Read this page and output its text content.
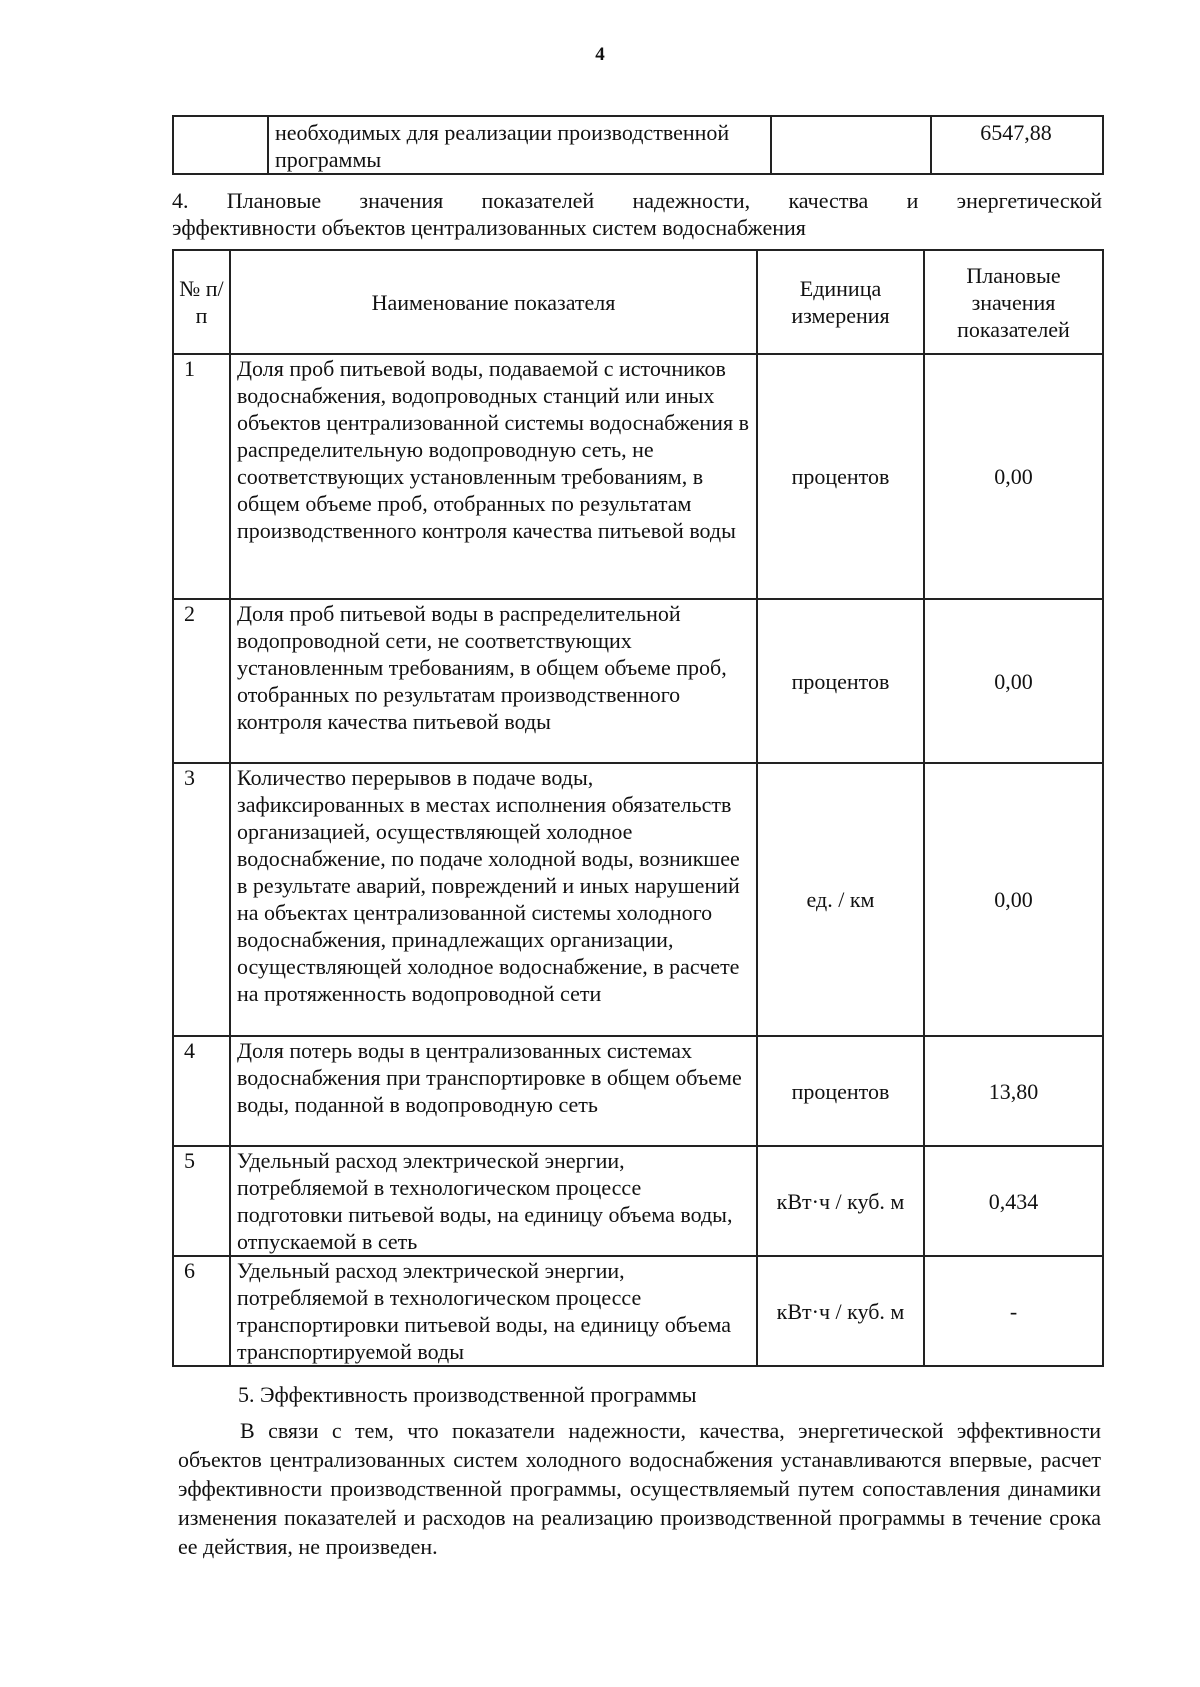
4
	необходимых для реализации производственной программы		6547,88
4. Плановые значения показателей надежности, качества и энергетической
эффективности объектов централизованных систем водоснабжения
№ п/п	Наименование показателя	Единица измерения	Плановые значения показателей
1	Доля проб питьевой воды, подаваемой с источников водоснабжения, водопроводных станций или иных объектов централизованной системы водоснабжения в распределительную водопроводную сеть, не соответствующих установленным требованиям, в общем объеме проб, отобранных по результатам производственного контроля качества питьевой воды	процентов	0,00
2	Доля проб питьевой воды в распределительной водопроводной сети, не соответствующих установленным требованиям, в общем объеме проб, отобранных по результатам производственного контроля качества питьевой воды	процентов	0,00
3	Количество перерывов в подаче воды, зафиксированных в местах исполнения обязательств организацией, осуществляющей холодное водоснабжение, по подаче холодной воды, возникшее в результате аварий, повреждений и иных нарушений на объектах централизованной системы холодного водоснабжения, принадлежащих организации, осуществляющей холодное водоснабжение, в расчете на протяженность водопроводной сети	ед. / км	0,00
4	Доля потерь воды в централизованных системах водоснабжения при транспортировке в общем объеме воды, поданной в водопроводную сеть	процентов	13,80
5	Удельный расход электрической энергии, потребляемой в технологическом процессе подготовки питьевой воды, на единицу объема воды, отпускаемой в сеть	кВт·ч / куб. м	0,434
6	Удельный расход электрической энергии, потребляемой в технологическом процессе транспортировки питьевой воды, на единицу объема транспортируемой воды	кВт·ч / куб. м	-
5. Эффективность производственной программы
В связи с тем, что показатели надежности, качества, энергетической эффективности объектов централизованных систем холодного водоснабжения устанавливаются впервые, расчет эффективности производственной программы, осуществляемый путем сопоставления динамики изменения показателей и расходов на реализацию производственной программы в течение срока ее действия, не произведен.
